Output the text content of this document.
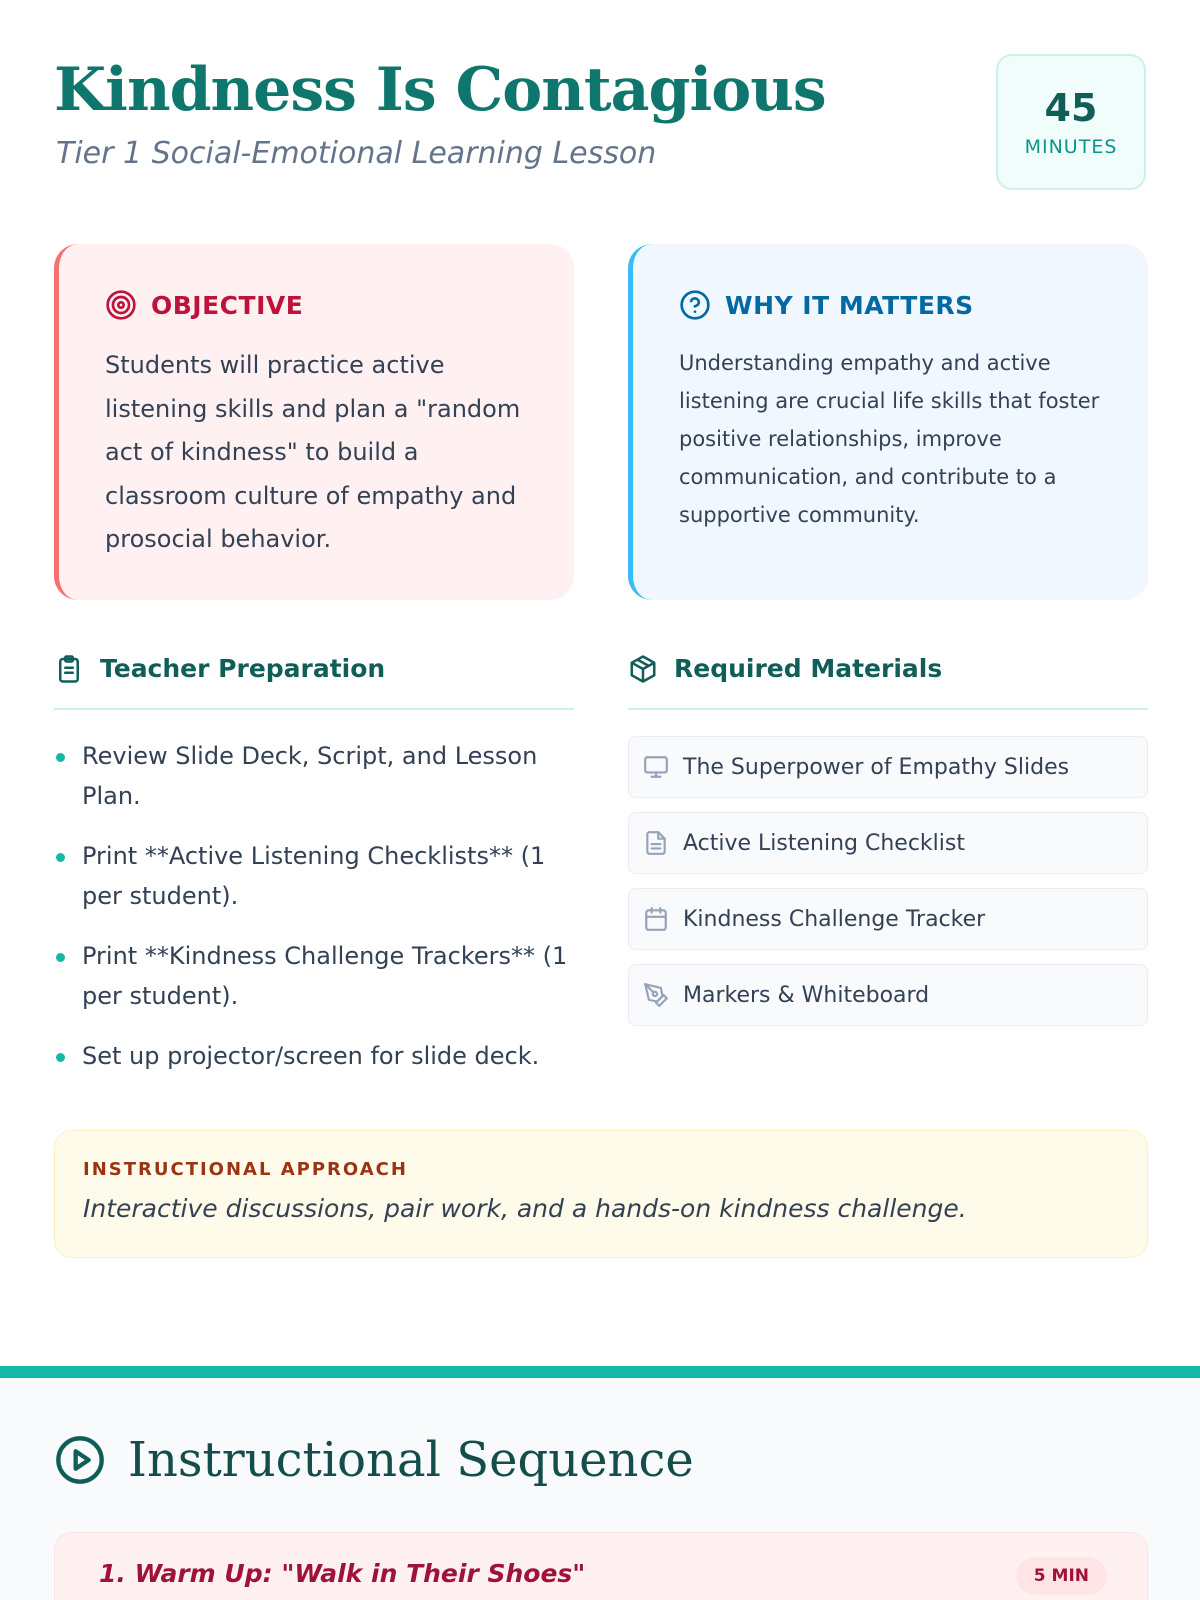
Kindness Is Contagious
Tier 1 Social-Emotional Learning Lesson
45
MINUTES
OBJECTIVE

Students will practice active listening skills and plan a "random act of kindness" to build a classroom culture of empathy and prosocial behavior.

WHY IT MATTERS

Understanding empathy and active listening are crucial life skills that foster positive relationships, improve communication, and contribute to a supportive community.

Teacher Preparation
Review Slide Deck, Script, and Lesson Plan.
Print **Active Listening Checklists** (1 per student).
Print **Kindness Challenge Trackers** (1 per student).
Set up projector/screen for slide deck.
Required Materials
The Superpower of Empathy Slides
Active Listening Checklist
Kindness Challenge Tracker
Markers & Whiteboard
INSTRUCTIONAL APPROACH
Interactive discussions, pair work, and a hands-on kindness challenge.
Instructional Sequence
1. Warm Up: "Walk in Their Shoes"	5 MIN
